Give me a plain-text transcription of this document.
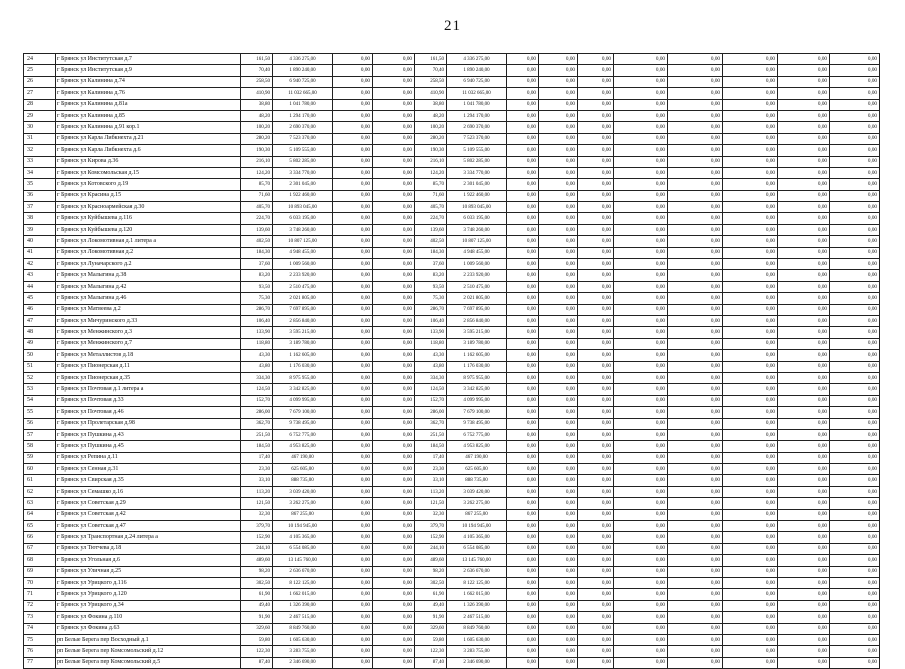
21
24	г Брянск ул Институтская д.7	161,50	4 336 275,00	0,00	0,00	161,50	4 336 275,00	0,00	0,00	0,00	0,00	0,00	0,00	0,00	0,00
25	г Брянск ул Институтская д.9	70,40	1 890 240,00	0,00	0,00	70,40	1 890 240,00	0,00	0,00	0,00	0,00	0,00	0,00	0,00	0,00
26	г Брянск ул Калинина д.74	258,50	6 940 725,00	0,00	0,00	258,50	6 940 725,00	0,00	0,00	0,00	0,00	0,00	0,00	0,00	0,00
27	г Брянск ул Калинина д.76	410,90	11 032 665,00	0,00	0,00	410,90	11 032 665,00	0,00	0,00	0,00	0,00	0,00	0,00	0,00	0,00
28	г Брянск ул Калинина д.81а	38,80	1 041 780,00	0,00	0,00	38,80	1 041 780,00	0,00	0,00	0,00	0,00	0,00	0,00	0,00	0,00
29	г Брянск ул Калинина д.85	48,20	1 294 170,00	0,00	0,00	48,20	1 294 170,00	0,00	0,00	0,00	0,00	0,00	0,00	0,00	0,00
30	г Брянск ул Калинина д.91 кор.1	100,20	2 690 370,00	0,00	0,00	100,20	2 690 370,00	0,00	0,00	0,00	0,00	0,00	0,00	0,00	0,00
31	г Брянск ул Карла Либкнехта д.21	280,20	7 523 370,00	0,00	0,00	280,20	7 523 370,00	0,00	0,00	0,00	0,00	0,00	0,00	0,00	0,00
32	г Брянск ул Карла Либкнехта д.6	190,30	5 109 555,00	0,00	0,00	190,30	5 109 555,00	0,00	0,00	0,00	0,00	0,00	0,00	0,00	0,00
33	г Брянск ул Кирова д.36	216,10	5 802 285,00	0,00	0,00	216,10	5 802 285,00	0,00	0,00	0,00	0,00	0,00	0,00	0,00	0,00
34	г Брянск ул Комсомольская д.15	124,20	3 334 770,00	0,00	0,00	124,20	3 334 770,00	0,00	0,00	0,00	0,00	0,00	0,00	0,00	0,00
35	г Брянск ул Котовского д.19	85,70	2 301 045,00	0,00	0,00	85,70	2 301 045,00	0,00	0,00	0,00	0,00	0,00	0,00	0,00	0,00
36	г Брянск ул Красина д.15	71,60	1 922 460,00	0,00	0,00	71,60	1 922 460,00	0,00	0,00	0,00	0,00	0,00	0,00	0,00	0,00
37	г Брянск ул Красноармейская д.30	405,70	10 893 045,00	0,00	0,00	405,70	10 893 045,00	0,00	0,00	0,00	0,00	0,00	0,00	0,00	0,00
38	г Брянск ул Куйбышева д.116	224,70	6 033 195,00	0,00	0,00	224,70	6 033 195,00	0,00	0,00	0,00	0,00	0,00	0,00	0,00	0,00
39	г Брянск ул Куйбышева д.120	139,60	3 748 260,00	0,00	0,00	139,60	3 748 260,00	0,00	0,00	0,00	0,00	0,00	0,00	0,00	0,00
40	г Брянск ул Локомотивная д.1 литера а	402,50	10 807 125,00	0,00	0,00	402,50	10 807 125,00	0,00	0,00	0,00	0,00	0,00	0,00	0,00	0,00
41	г Брянск ул Локомотивная д.2	184,30	4 948 455,00	0,00	0,00	184,30	4 948 455,00	0,00	0,00	0,00	0,00	0,00	0,00	0,00	0,00
42	г Брянск ул Луначарского д.2	37,60	1 009 560,00	0,00	0,00	37,60	1 009 560,00	0,00	0,00	0,00	0,00	0,00	0,00	0,00	0,00
43	г Брянск ул Малыгина д.38	83,20	2 233 920,00	0,00	0,00	83,20	2 233 920,00	0,00	0,00	0,00	0,00	0,00	0,00	0,00	0,00
44	г Брянск ул Малыгина д.42	93,50	2 510 475,00	0,00	0,00	93,50	2 510 475,00	0,00	0,00	0,00	0,00	0,00	0,00	0,00	0,00
45	г Брянск ул Малыгина д.46	75,30	2 021 805,00	0,00	0,00	75,30	2 021 805,00	0,00	0,00	0,00	0,00	0,00	0,00	0,00	0,00
46	г Брянск ул Матвеева д.2	286,70	7 697 895,00	0,00	0,00	286,70	7 697 895,00	0,00	0,00	0,00	0,00	0,00	0,00	0,00	0,00
47	г Брянск ул Мичуринского д.33	106,40	2 856 840,00	0,00	0,00	106,40	2 856 840,00	0,00	0,00	0,00	0,00	0,00	0,00	0,00	0,00
48	г Брянск ул Менжинского д.3	133,90	3 595 215,00	0,00	0,00	133,90	3 595 215,00	0,00	0,00	0,00	0,00	0,00	0,00	0,00	0,00
49	г Брянск ул Менжинского д.7	118,80	3 189 780,00	0,00	0,00	118,80	3 189 780,00	0,00	0,00	0,00	0,00	0,00	0,00	0,00	0,00
50	г Брянск ул Металлистов д.18	43,30	1 162 605,00	0,00	0,00	43,30	1 162 605,00	0,00	0,00	0,00	0,00	0,00	0,00	0,00	0,00
51	г Брянск ул Пионерская д.11	43,80	1 176 030,00	0,00	0,00	43,80	1 176 030,00	0,00	0,00	0,00	0,00	0,00	0,00	0,00	0,00
52	г Брянск ул Пионерская д.35	334,30	8 975 955,00	0,00	0,00	334,30	8 975 955,00	0,00	0,00	0,00	0,00	0,00	0,00	0,00	0,00
53	г Брянск ул Почтовая д.1 литера а	124,50	3 342 825,00	0,00	0,00	124,50	3 342 825,00	0,00	0,00	0,00	0,00	0,00	0,00	0,00	0,00
54	г Брянск ул Почтовая д.33	152,70	4 099 995,00	0,00	0,00	152,70	4 099 995,00	0,00	0,00	0,00	0,00	0,00	0,00	0,00	0,00
55	г Брянск ул Почтовая д.46	286,00	7 679 100,00	0,00	0,00	286,00	7 679 100,00	0,00	0,00	0,00	0,00	0,00	0,00	0,00	0,00
56	г Брянск ул Пролетарская д.98	362,70	9 738 495,00	0,00	0,00	362,70	9 738 495,00	0,00	0,00	0,00	0,00	0,00	0,00	0,00	0,00
57	г Брянск ул Пушкина д.43	251,50	6 752 775,00	0,00	0,00	251,50	6 752 775,00	0,00	0,00	0,00	0,00	0,00	0,00	0,00	0,00
58	г Брянск ул Пушкина д.45	184,50	4 953 825,00	0,00	0,00	184,50	4 953 825,00	0,00	0,00	0,00	0,00	0,00	0,00	0,00	0,00
59	г Брянск ул Репина д.11	17,40	467 190,00	0,00	0,00	17,40	467 190,00	0,00	0,00	0,00	0,00	0,00	0,00	0,00	0,00
60	г Брянск ул Сенная д.31	23,30	625 605,00	0,00	0,00	23,30	625 605,00	0,00	0,00	0,00	0,00	0,00	0,00	0,00	0,00
61	г Брянск ул Свирская д.35	33,10	888 735,00	0,00	0,00	33,10	888 735,00	0,00	0,00	0,00	0,00	0,00	0,00	0,00	0,00
62	г Брянск ул Семашко д.16	113,20	3 039 420,00	0,00	0,00	113,20	3 039 420,00	0,00	0,00	0,00	0,00	0,00	0,00	0,00	0,00
63	г Брянск ул Советская д.29	121,50	3 262 275,00	0,00	0,00	121,50	3 262 275,00	0,00	0,00	0,00	0,00	0,00	0,00	0,00	0,00
64	г Брянск ул Советская д.42	32,30	867 255,00	0,00	0,00	32,30	867 255,00	0,00	0,00	0,00	0,00	0,00	0,00	0,00	0,00
65	г Брянск ул Советская д.47	379,70	10 194 945,00	0,00	0,00	379,70	10 194 945,00	0,00	0,00	0,00	0,00	0,00	0,00	0,00	0,00
66	г Брянск ул Транспортная д.24 литера а	152,90	4 105 365,00	0,00	0,00	152,90	4 105 365,00	0,00	0,00	0,00	0,00	0,00	0,00	0,00	0,00
67	г Брянск ул Тютчева д.18	244,10	6 554 085,00	0,00	0,00	244,10	6 554 085,00	0,00	0,00	0,00	0,00	0,00	0,00	0,00	0,00
68	г Брянск ул Угольная д.6	489,60	13 145 760,00	0,00	0,00	489,60	13 145 760,00	0,00	0,00	0,00	0,00	0,00	0,00	0,00	0,00
69	г Брянск ул Уличная д.25	98,20	2 636 670,00	0,00	0,00	98,20	2 636 670,00	0,00	0,00	0,00	0,00	0,00	0,00	0,00	0,00
70	г Брянск ул Урицкого д.116	302,50	8 122 125,00	0,00	0,00	302,50	8 122 125,00	0,00	0,00	0,00	0,00	0,00	0,00	0,00	0,00
71	г Брянск ул Урицкого д.120	61,90	1 662 015,00	0,00	0,00	61,90	1 662 015,00	0,00	0,00	0,00	0,00	0,00	0,00	0,00	0,00
72	г Брянск ул Урицкого д.34	49,40	1 326 390,00	0,00	0,00	49,40	1 326 390,00	0,00	0,00	0,00	0,00	0,00	0,00	0,00	0,00
73	г Брянск ул Фокина д.110	91,90	2 467 515,00	0,00	0,00	91,90	2 467 515,00	0,00	0,00	0,00	0,00	0,00	0,00	0,00	0,00
74	г Брянск ул Фокина д.63	329,60	8 849 760,00	0,00	0,00	329,60	8 849 760,00	0,00	0,00	0,00	0,00	0,00	0,00	0,00	0,00
75	рп Белые Берега пер Восходный д.1	59,80	1 605 630,00	0,00	0,00	59,80	1 605 630,00	0,00	0,00	0,00	0,00	0,00	0,00	0,00	0,00
76	рп Белые Берега пер Комсомольский д.12	122,30	3 283 755,00	0,00	0,00	122,30	3 283 755,00	0,00	0,00	0,00	0,00	0,00	0,00	0,00	0,00
77	рп Белые Берега пер Комсомольский д.5	87,40	2 346 690,00	0,00	0,00	87,40	2 346 690,00	0,00	0,00	0,00	0,00	0,00	0,00	0,00	0,00
